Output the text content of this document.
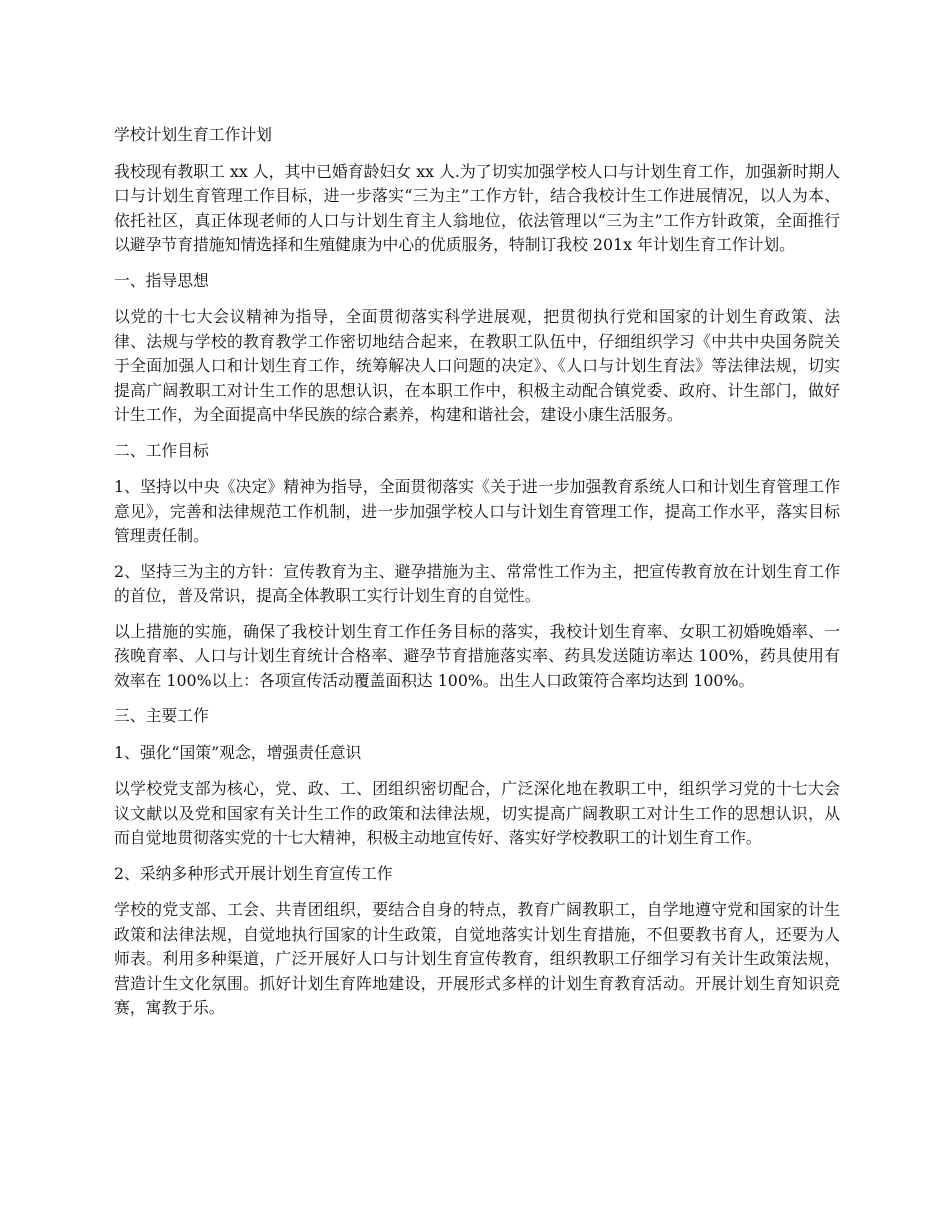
学校计划生育工作计划

我校现有教职工 xx 人，其中已婚育龄妇女 xx 人.为了切实加强学校人口与计划生育工作，加强新时期人口与计划生育管理工作目标，进一步落实“三为主”工作方针，结合我校计生工作进展情况，以人为本、依托社区，真正体现老师的人口与计划生育主人翁地位，依法管理以“三为主”工作方针政策，全面推行以避孕节育措施知情选择和生殖健康为中心的优质服务，特制订我校 201x 年计划生育工作计划。

一、指导思想

以党的十七大会议精神为指导，全面贯彻落实科学进展观，把贯彻执行党和国家的计划生育政策、法律、法规与学校的教育教学工作密切地结合起来，在教职工队伍中，仔细组织学习《中共中央国务院关于全面加强人口和计划生育工作，统筹解决人口问题的决定》、《人口与计划生育法》等法律法规，切实提高广阔教职工对计生工作的思想认识，在本职工作中，积极主动配合镇党委、政府、计生部门，做好计生工作，为全面提高中华民族的综合素养，构建和谐社会，建设小康生活服务。

二、工作目标

1、坚持以中央《决定》精神为指导，全面贯彻落实《关于进一步加强教育系统人口和计划生育管理工作意见》，完善和法律规范工作机制，进一步加强学校人口与计划生育管理工作，提高工作水平，落实目标管理责任制。

2、坚持三为主的方针：宣传教育为主、避孕措施为主、常常性工作为主，把宣传教育放在计划生育工作的首位，普及常识，提高全体教职工实行计划生育的自觉性。

以上措施的实施，确保了我校计划生育工作任务目标的落实，我校计划生育率、女职工初婚晚婚率、一孩晚育率、人口与计划生育统计合格率、避孕节育措施落实率、药具发送随访率达 100%，药具使用有效率在 100%以上：各项宣传活动覆盖面积达 100%。出生人口政策符合率均达到 100%。

三、主要工作

1、强化“国策”观念，增强责任意识

以学校党支部为核心，党、政、工、团组织密切配合，广泛深化地在教职工中，组织学习党的十七大会议文献以及党和国家有关计生工作的政策和法律法规，切实提高广阔教职工对计生工作的思想认识，从而自觉地贯彻落实党的十七大精神，积极主动地宣传好、落实好学校教职工的计划生育工作。

2、采纳多种形式开展计划生育宣传工作

学校的党支部、工会、共青团组织，要结合自身的特点，教育广阔教职工，自学地遵守党和国家的计生政策和法律法规，自觉地执行国家的计生政策，自觉地落实计划生育措施，不但要教书育人，还要为人师表。利用多种渠道，广泛开展好人口与计划生育宣传教育，组织教职工仔细学习有关计生政策法规，营造计生文化氛围。抓好计划生育阵地建设，开展形式多样的计划生育教育活动。开展计划生育知识竞赛，寓教于乐。
